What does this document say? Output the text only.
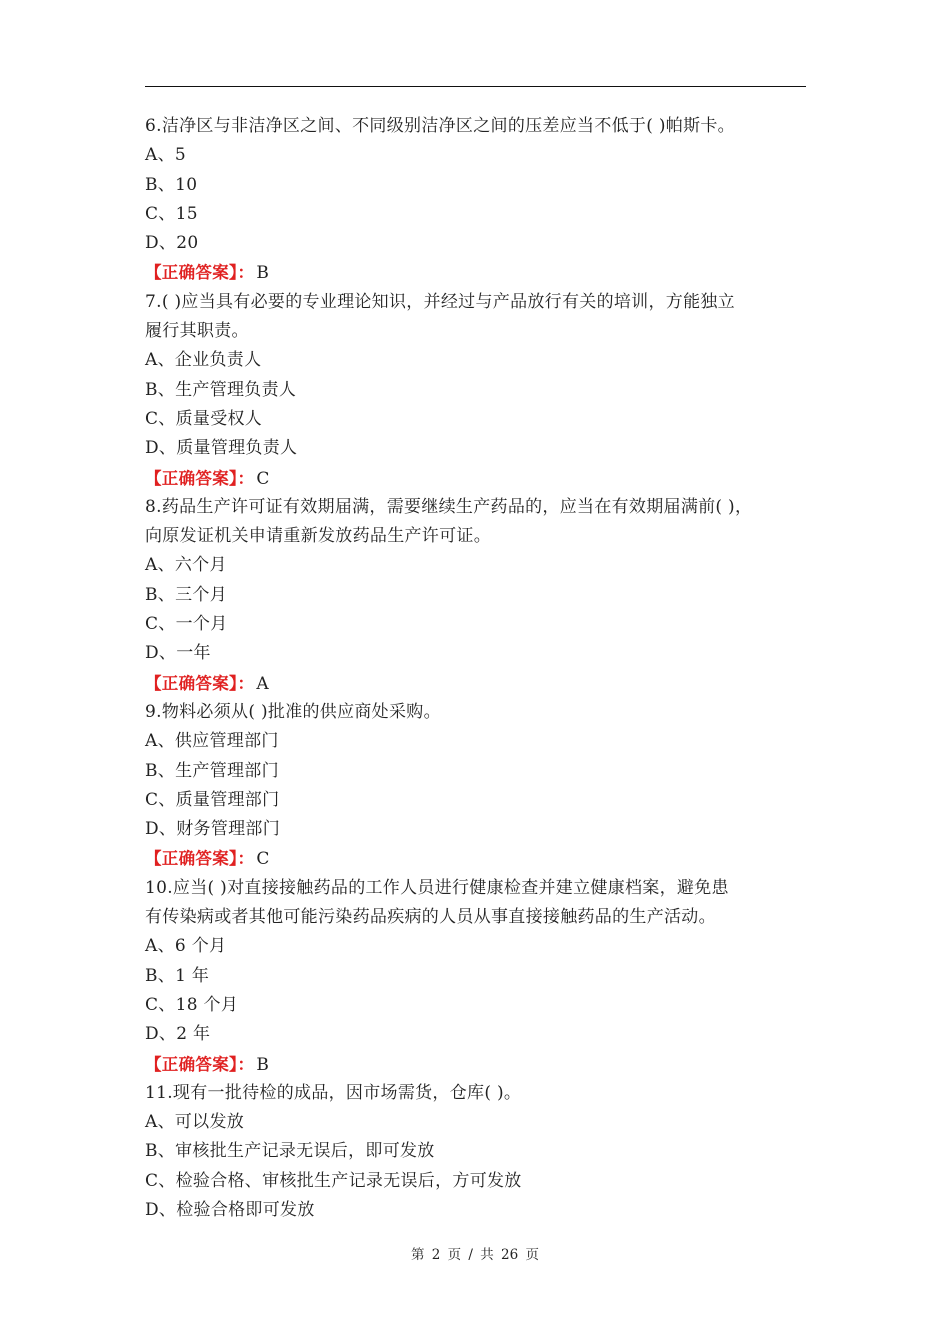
6.洁净区与非洁净区之间、不同级别洁净区之间的压差应当不低于( )帕斯卡。
A、5
B、10
C、15
D、20
【正确答案】： B
7.( )应当具有必要的专业理论知识，并经过与产品放行有关的培训，方能独立
履行其职责。
A、企业负责人
B、生产管理负责人
C、质量受权人
D、质量管理负责人
【正确答案】： C
8.药品生产许可证有效期届满，需要继续生产药品的，应当在有效期届满前( )，
向原发证机关申请重新发放药品生产许可证。
A、六个月
B、三个月
C、一个月
D、一年
【正确答案】： A
9.物料必须从( )批准的供应商处采购。
A、供应管理部门
B、生产管理部门
C、质量管理部门
D、财务管理部门
【正确答案】： C
10.应当( )对直接接触药品的工作人员进行健康检查并建立健康档案，避免患
有传染病或者其他可能污染药品疾病的人员从事直接接触药品的生产活动。
A、6 个月
B、1 年
C、18 个月
D、2 年
【正确答案】： B
11.现有一批待检的成品，因市场需货，仓库( )。
A、可以发放
B、审核批生产记录无误后，即可发放
C、检验合格、审核批生产记录无误后，方可发放
D、检验合格即可发放
第 2 页 / 共 26 页
